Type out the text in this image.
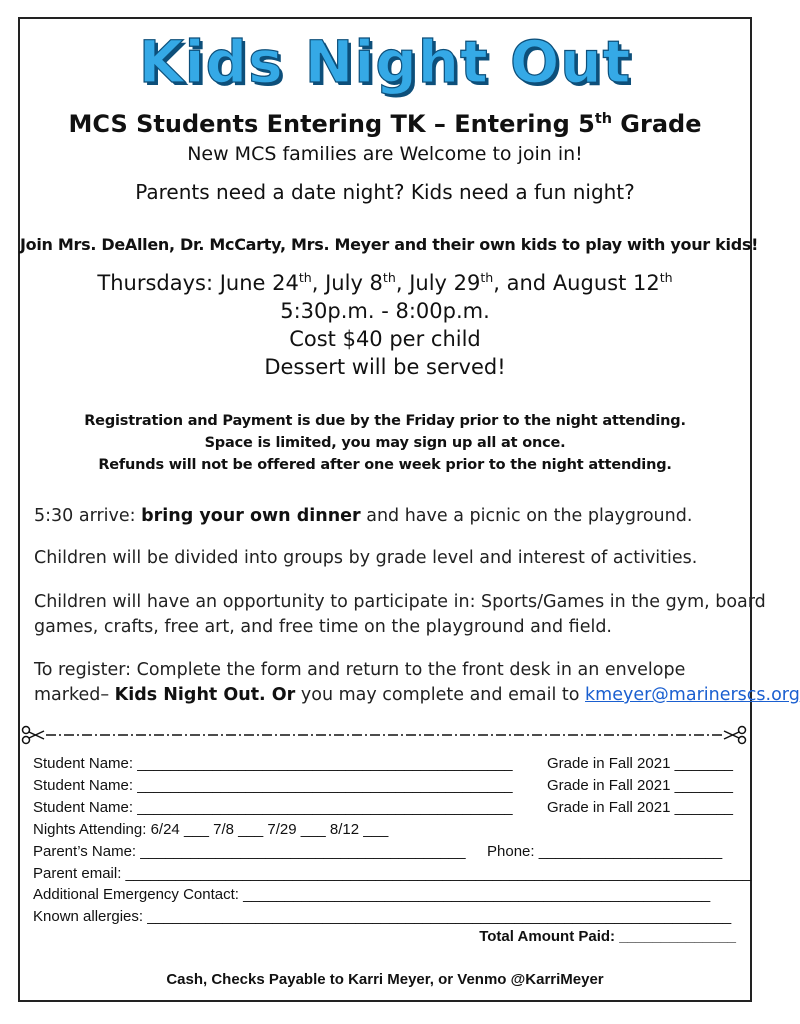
Kids Night Out
MCS Students Entering TK – Entering 5th Grade
New MCS families are Welcome to join in!
Parents need a date night? Kids need a fun night?
Join Mrs. DeAllen, Dr. McCarty, Mrs. Meyer and their own kids to play with your kids!
Thursdays: June 24th, July 8th, July 29th, and August 12th
5:30p.m. - 8:00p.m.
Cost $40 per child
Dessert will be served!
Registration and Payment is due by the Friday prior to the night attending.
Space is limited, you may sign up all at once.
Refunds will not be offered after one week prior to the night attending.
5:30 arrive: bring your own dinner and have a picnic on the playground.
Children will be divided into groups by grade level and interest of activities.
Children will have an opportunity to participate in: Sports/Games in the gym, board
games, crafts, free art, and free time on the playground and field.
To register: Complete the form and return to the front desk in an envelope
marked– Kids Night Out. Or you may complete and email to kmeyer@marinerscs.org
Student Name: _____________________________________________ Grade in Fall 2021 _______
Student Name: _____________________________________________ Grade in Fall 2021 _______
Student Name: _____________________________________________ Grade in Fall 2021 _______
Nights Attending: 6/24 ___ 7/8 ___ 7/29 ___ 8/12 ___
Parent’s Name: _______________________________________ Phone: ______________________
Parent email: ___________________________________________________________________________
Additional Emergency Contact: ________________________________________________________
Known allergies: ______________________________________________________________________
Total Amount Paid: ______________
Cash, Checks Payable to Karri Meyer, or Venmo @KarriMeyer
